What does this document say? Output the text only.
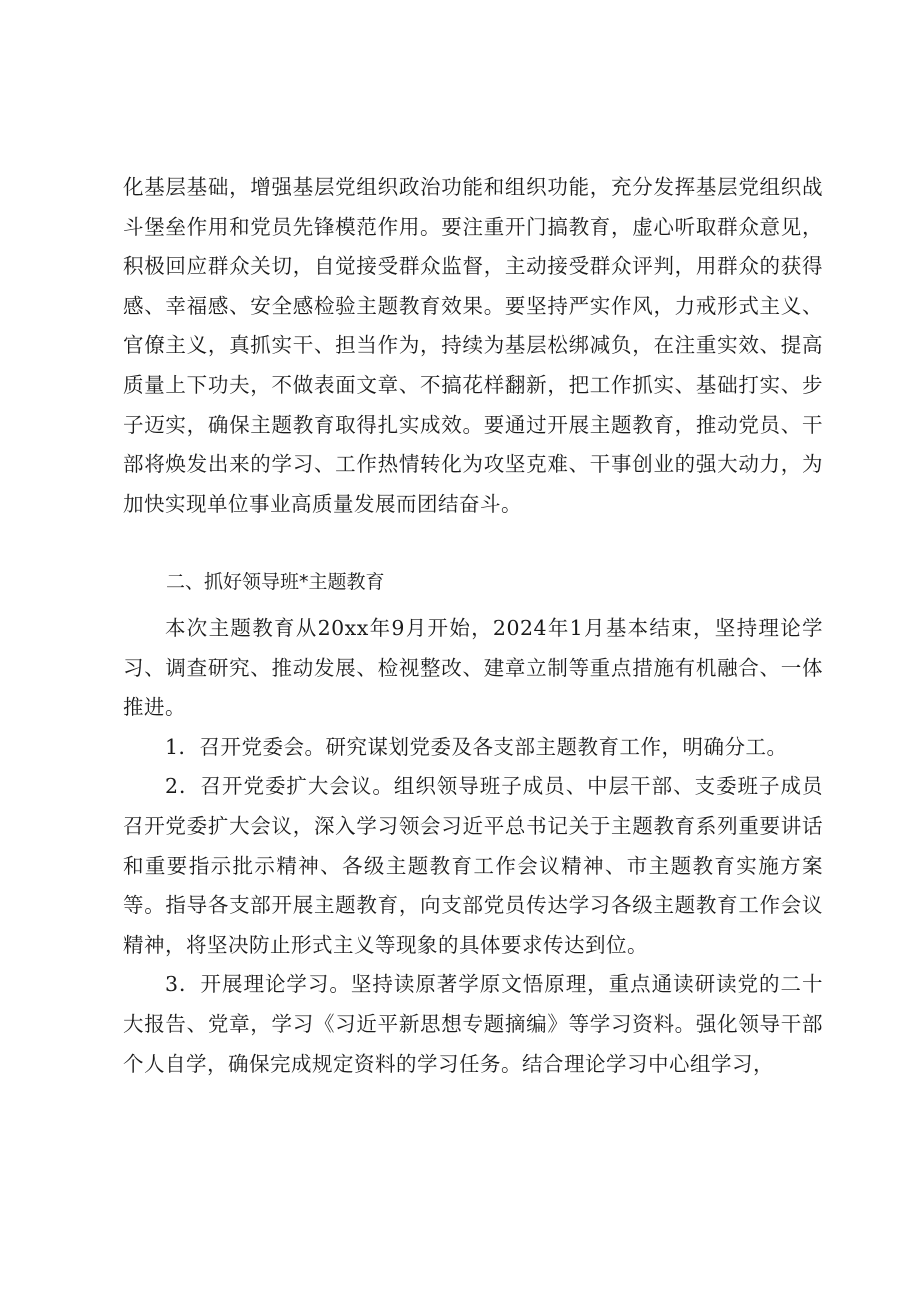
化基层基础，增强基层党组织政治功能和组织功能，充分发挥基层党组织战斗堡垒作用和党员先锋模范作用。要注重开门搞教育，虚心听取群众意见，积极回应群众关切，自觉接受群众监督，主动接受群众评判，用群众的获得感、幸福感、安全感检验主题教育效果。要坚持严实作风，力戒形式主义、官僚主义，真抓实干、担当作为，持续为基层松绑减负，在注重实效、提高质量上下功夫，不做表面文章、不搞花样翻新，把工作抓实、基础打实、步子迈实，确保主题教育取得扎实成效。要通过开展主题教育，推动党员、干部将焕发出来的学习、工作热情转化为攻坚克难、干事创业的强大动力，为加快实现单位事业高质量发展而团结奋斗。

二、抓好领导班*主题教育

本次主题教育从20xx年9月开始，2024年1月基本结束，坚持理论学习、调查研究、推动发展、检视整改、建章立制等重点措施有机融合、一体推进。

1．召开党委会。研究谋划党委及各支部主题教育工作，明确分工。

2．召开党委扩大会议。组织领导班子成员、中层干部、支委班子成员召开党委扩大会议，深入学习领会习近平总书记关于主题教育系列重要讲话和重要指示批示精神、各级主题教育工作会议精神、市主题教育实施方案等。指导各支部开展主题教育，向支部党员传达学习各级主题教育工作会议精神，将坚决防止形式主义等现象的具体要求传达到位。

3．开展理论学习。坚持读原著学原文悟原理，重点通读研读党的二十大报告、党章，学习《习近平新思想专题摘编》等学习资料。强化领导干部个人自学，确保完成规定资料的学习任务。结合理论学习中心组学习，
